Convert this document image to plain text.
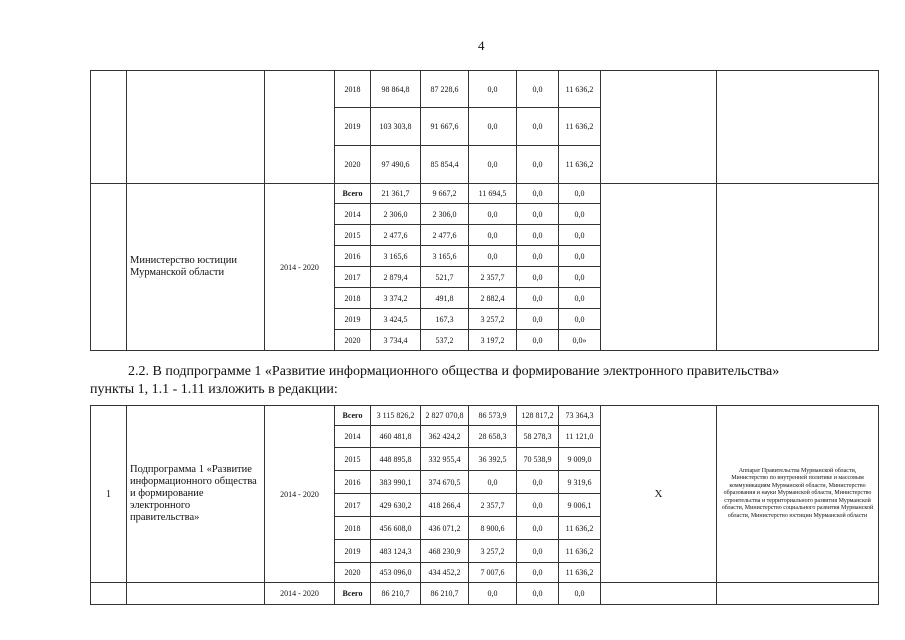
4
			2018	98 864,8	87 228,6	0,0	0,0	11 636,2		
			2019	103 303,8	91 667,6	0,0	0,0	11 636,2		
			2020	97 490,6	85 854,4	0,0	0,0	11 636,2		
	Министерство юстиции Мурманской области	2014 - 2020	Всего	21 361,7	9 667,2	11 694,5	0,0	0,0		
			2014	2 306,0	2 306,0	0,0	0,0	0,0		
			2015	2 477,6	2 477,6	0,0	0,0	0,0		
			2016	3 165,6	3 165,6	0,0	0,0	0,0		
			2017	2 879,4	521,7	2 357,7	0,0	0,0		
			2018	3 374,2	491,8	2 882,4	0,0	0,0		
			2019	3 424,5	167,3	3 257,2	0,0	0,0		
			2020	3 734,4	537,2	3 197,2	0,0	0,0»		
2.2. В подпрограмме 1 «Развитие информационного общества и формирование электронного правительства»
пункты 1, 1.1 - 1.11 изложить в редакции:
1	Подпрограмма 1 «Развитие информационного общества и формирование электронного правительства»	2014 - 2020	Всего	3 115 826,2	2 827 070,8	86 573,9	128 817,2	73 364,3	X	Аппарат Правительства Мурманской области, Министерство по внутренней политике и массовым коммуникациям Мурманской области, Министерство образования и науки Мурманской области, Министерство строительства и территориального развития Мурманской области, Министерство социального развития Мурманской области, Министерство юстиции Мурманской области
			2014	460 481,8	362 424,2	28 658,3	58 278,3	11 121,0		
			2015	448 895,8	332 955,4	36 392,5	70 538,9	9 009,0		
			2016	383 990,1	374 670,5	0,0	0,0	9 319,6		
			2017	429 630,2	418 266,4	2 357,7	0,0	9 006,1		
			2018	456 608,0	436 071,2	8 900,6	0,0	11 636,2		
			2019	483 124,3	468 230,9	3 257,2	0,0	11 636,2		
			2020	453 096,0	434 452,2	7 007,6	0,0	11 636,2		
		2014 - 2020	Всего	86 210,7	86 210,7	0,0	0,0	0,0		
